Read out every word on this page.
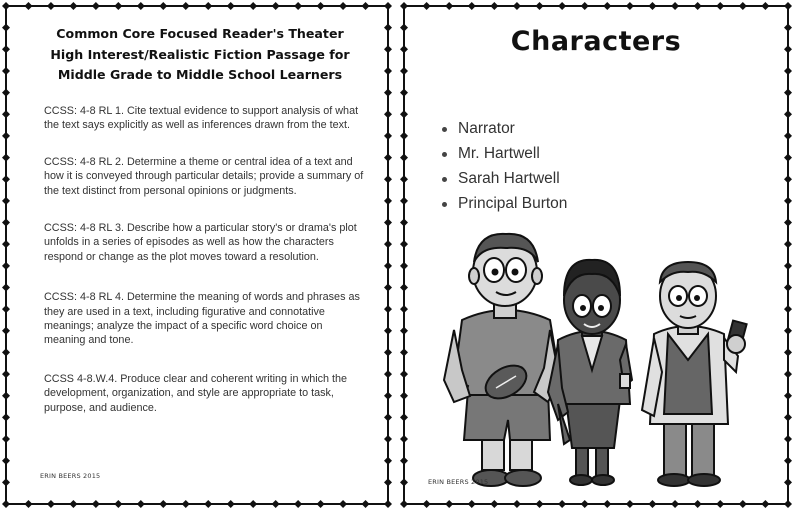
Common Core Focused Reader's Theater
High Interest/Realistic Fiction Passage for
Middle Grade to Middle School Learners

CCSS: 4-8 RL 1. Cite textual evidence to support analysis of what the text says explicitly as well as inferences drawn from the text.

CCSS: 4-8 RL 2. Determine a theme or central idea of a text and how it is conveyed through particular details; provide a summary of the text distinct from personal opinions or judgments.

CCSS: 4-8 RL 3. Describe how a particular story's or drama's plot unfolds in a series of episodes as well as how the characters respond or change as the plot moves toward a resolution.

CCSS: 4-8 RL 4. Determine the meaning of words and phrases as they are used in a text, including figurative and connotative meanings; analyze the impact of a specific word choice on meaning and tone.

CCSS 4-8.W.4. Produce clear and coherent writing in which the development, organization, and style are appropriate to task, purpose, and audience.

ERIN BEERS 2015
Characters
Narrator
Mr. Hartwell
Sarah Hartwell
Principal Burton
ERIN BEERS 2015
